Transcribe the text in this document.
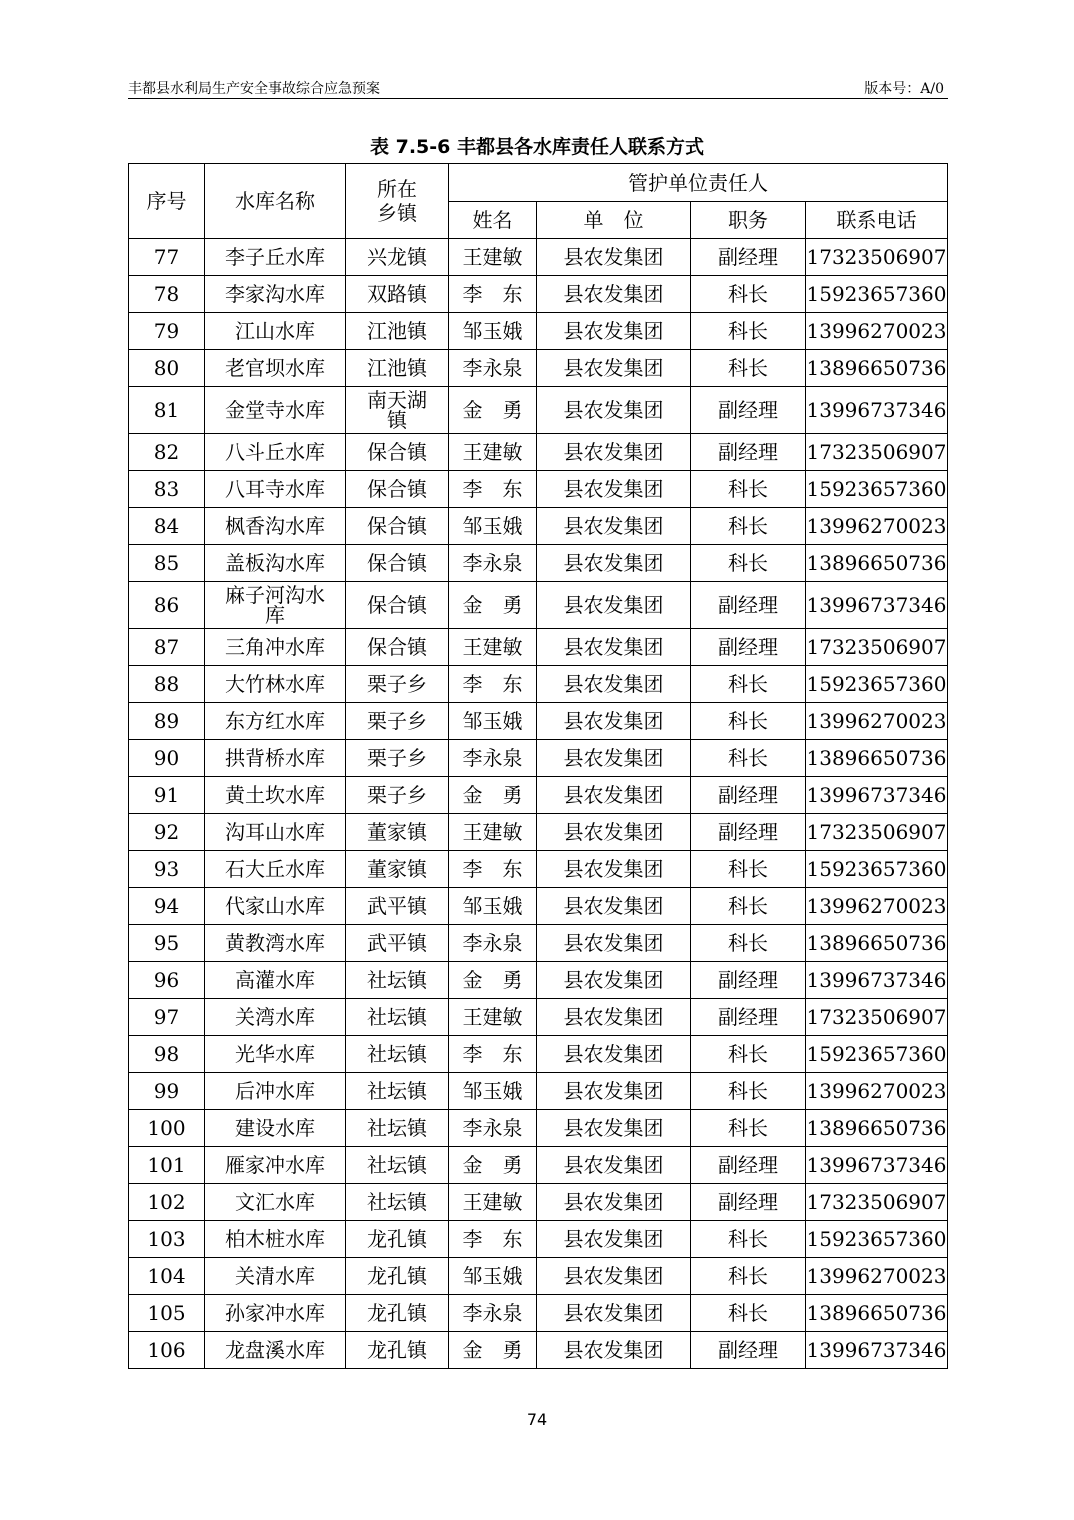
丰都县水利局生产安全事故综合应急预案	版本号：A/0
表 7.5-6 丰都县各水库责任人联系方式
序号	水库名称	所在乡镇	管护单位责任人			
			姓名	单　位	职务	联系电话
77	李子丘水库	兴龙镇	王建敏	县农发集团	副经理	17323506907
78	李家沟水库	双路镇	李　东	县农发集团	科长	15923657360
79	江山水库	江池镇	邹玉娥	县农发集团	科长	13996270023
80	老官坝水库	江池镇	李永泉	县农发集团	科长	13896650736
81	金堂寺水库	南天湖镇	金　勇	县农发集团	副经理	13996737346
82	八斗丘水库	保合镇	王建敏	县农发集团	副经理	17323506907
83	八耳寺水库	保合镇	李　东	县农发集团	科长	15923657360
84	枫香沟水库	保合镇	邹玉娥	县农发集团	科长	13996270023
85	盖板沟水库	保合镇	李永泉	县农发集团	科长	13896650736
86	麻子河沟水库	保合镇	金　勇	县农发集团	副经理	13996737346
87	三角冲水库	保合镇	王建敏	县农发集团	副经理	17323506907
88	大竹林水库	栗子乡	李　东	县农发集团	科长	15923657360
89	东方红水库	栗子乡	邹玉娥	县农发集团	科长	13996270023
90	拱背桥水库	栗子乡	李永泉	县农发集团	科长	13896650736
91	黄土坎水库	栗子乡	金　勇	县农发集团	副经理	13996737346
92	沟耳山水库	董家镇	王建敏	县农发集团	副经理	17323506907
93	石大丘水库	董家镇	李　东	县农发集团	科长	15923657360
94	代家山水库	武平镇	邹玉娥	县农发集团	科长	13996270023
95	黄教湾水库	武平镇	李永泉	县农发集团	科长	13896650736
96	高灌水库	社坛镇	金　勇	县农发集团	副经理	13996737346
97	关湾水库	社坛镇	王建敏	县农发集团	副经理	17323506907
98	光华水库	社坛镇	李　东	县农发集团	科长	15923657360
99	后冲水库	社坛镇	邹玉娥	县农发集团	科长	13996270023
100	建设水库	社坛镇	李永泉	县农发集团	科长	13896650736
101	雁家冲水库	社坛镇	金　勇	县农发集团	副经理	13996737346
102	文汇水库	社坛镇	王建敏	县农发集团	副经理	17323506907
103	柏木桩水库	龙孔镇	李　东	县农发集团	科长	15923657360
104	关清水库	龙孔镇	邹玉娥	县农发集团	科长	13996270023
105	孙家冲水库	龙孔镇	李永泉	县农发集团	科长	13896650736
106	龙盘溪水库	龙孔镇	金　勇	县农发集团	副经理	13996737346
74
